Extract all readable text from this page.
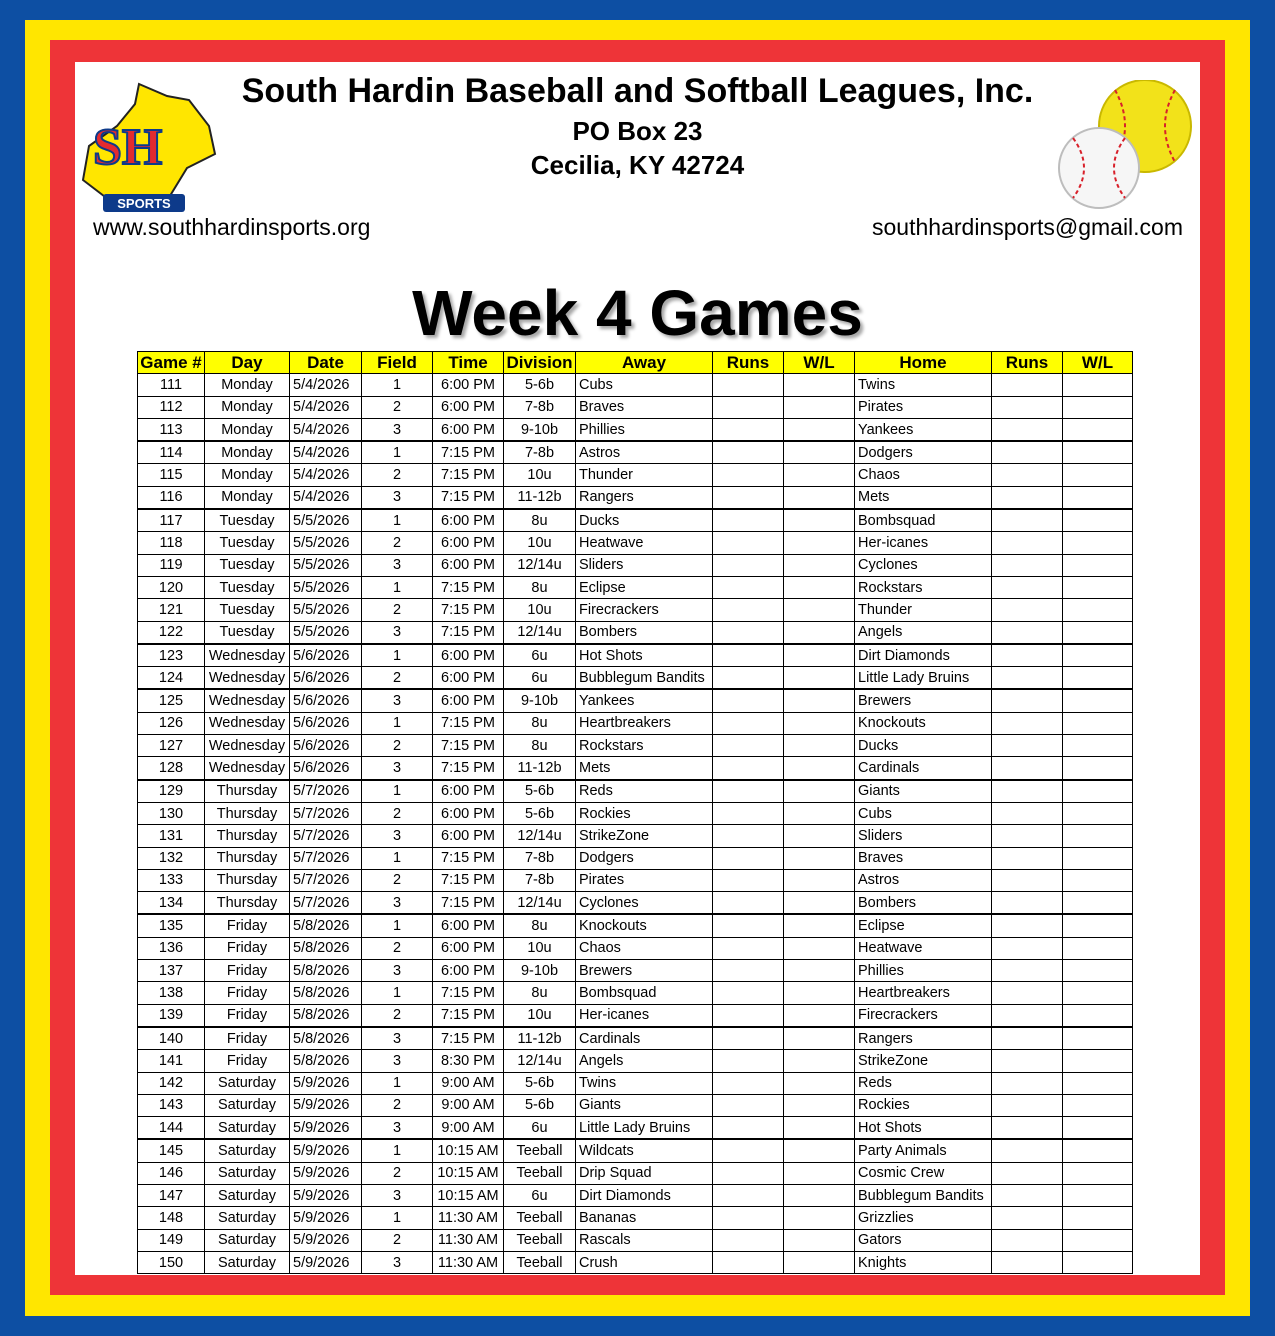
SH
SPORTS
South Hardin Baseball and Softball Leagues, Inc.
PO Box 23
Cecilia, KY 42724
www.southhardinsports.org	southhardinsports@gmail.com
Week 4 Games
Game #	Day	Date	Field	Time	Division	Away	Runs	W/L	Home	Runs	W/L
111	Monday	5/4/2026	1	6:00 PM	5-6b	Cubs			Twins		
112	Monday	5/4/2026	2	6:00 PM	7-8b	Braves			Pirates		
113	Monday	5/4/2026	3	6:00 PM	9-10b	Phillies			Yankees		
114	Monday	5/4/2026	1	7:15 PM	7-8b	Astros			Dodgers		
115	Monday	5/4/2026	2	7:15 PM	10u	Thunder			Chaos		
116	Monday	5/4/2026	3	7:15 PM	11-12b	Rangers			Mets		
117	Tuesday	5/5/2026	1	6:00 PM	8u	Ducks			Bombsquad		
118	Tuesday	5/5/2026	2	6:00 PM	10u	Heatwave			Her-icanes		
119	Tuesday	5/5/2026	3	6:00 PM	12/14u	Sliders			Cyclones		
120	Tuesday	5/5/2026	1	7:15 PM	8u	Eclipse			Rockstars		
121	Tuesday	5/5/2026	2	7:15 PM	10u	Firecrackers			Thunder		
122	Tuesday	5/5/2026	3	7:15 PM	12/14u	Bombers			Angels		
123	Wednesday	5/6/2026	1	6:00 PM	6u	Hot Shots			Dirt Diamonds		
124	Wednesday	5/6/2026	2	6:00 PM	6u	Bubblegum Bandits			Little Lady Bruins		
125	Wednesday	5/6/2026	3	6:00 PM	9-10b	Yankees			Brewers		
126	Wednesday	5/6/2026	1	7:15 PM	8u	Heartbreakers			Knockouts		
127	Wednesday	5/6/2026	2	7:15 PM	8u	Rockstars			Ducks		
128	Wednesday	5/6/2026	3	7:15 PM	11-12b	Mets			Cardinals		
129	Thursday	5/7/2026	1	6:00 PM	5-6b	Reds			Giants		
130	Thursday	5/7/2026	2	6:00 PM	5-6b	Rockies			Cubs		
131	Thursday	5/7/2026	3	6:00 PM	12/14u	StrikeZone			Sliders		
132	Thursday	5/7/2026	1	7:15 PM	7-8b	Dodgers			Braves		
133	Thursday	5/7/2026	2	7:15 PM	7-8b	Pirates			Astros		
134	Thursday	5/7/2026	3	7:15 PM	12/14u	Cyclones			Bombers		
135	Friday	5/8/2026	1	6:00 PM	8u	Knockouts			Eclipse		
136	Friday	5/8/2026	2	6:00 PM	10u	Chaos			Heatwave		
137	Friday	5/8/2026	3	6:00 PM	9-10b	Brewers			Phillies		
138	Friday	5/8/2026	1	7:15 PM	8u	Bombsquad			Heartbreakers		
139	Friday	5/8/2026	2	7:15 PM	10u	Her-icanes			Firecrackers		
140	Friday	5/8/2026	3	7:15 PM	11-12b	Cardinals			Rangers		
141	Friday	5/8/2026	3	8:30 PM	12/14u	Angels			StrikeZone		
142	Saturday	5/9/2026	1	9:00 AM	5-6b	Twins			Reds		
143	Saturday	5/9/2026	2	9:00 AM	5-6b	Giants			Rockies		
144	Saturday	5/9/2026	3	9:00 AM	6u	Little Lady Bruins			Hot Shots		
145	Saturday	5/9/2026	1	10:15 AM	Teeball	Wildcats			Party Animals		
146	Saturday	5/9/2026	2	10:15 AM	Teeball	Drip Squad			Cosmic Crew		
147	Saturday	5/9/2026	3	10:15 AM	6u	Dirt Diamonds			Bubblegum Bandits		
148	Saturday	5/9/2026	1	11:30 AM	Teeball	Bananas			Grizzlies		
149	Saturday	5/9/2026	2	11:30 AM	Teeball	Rascals			Gators		
150	Saturday	5/9/2026	3	11:30 AM	Teeball	Crush			Knights		
